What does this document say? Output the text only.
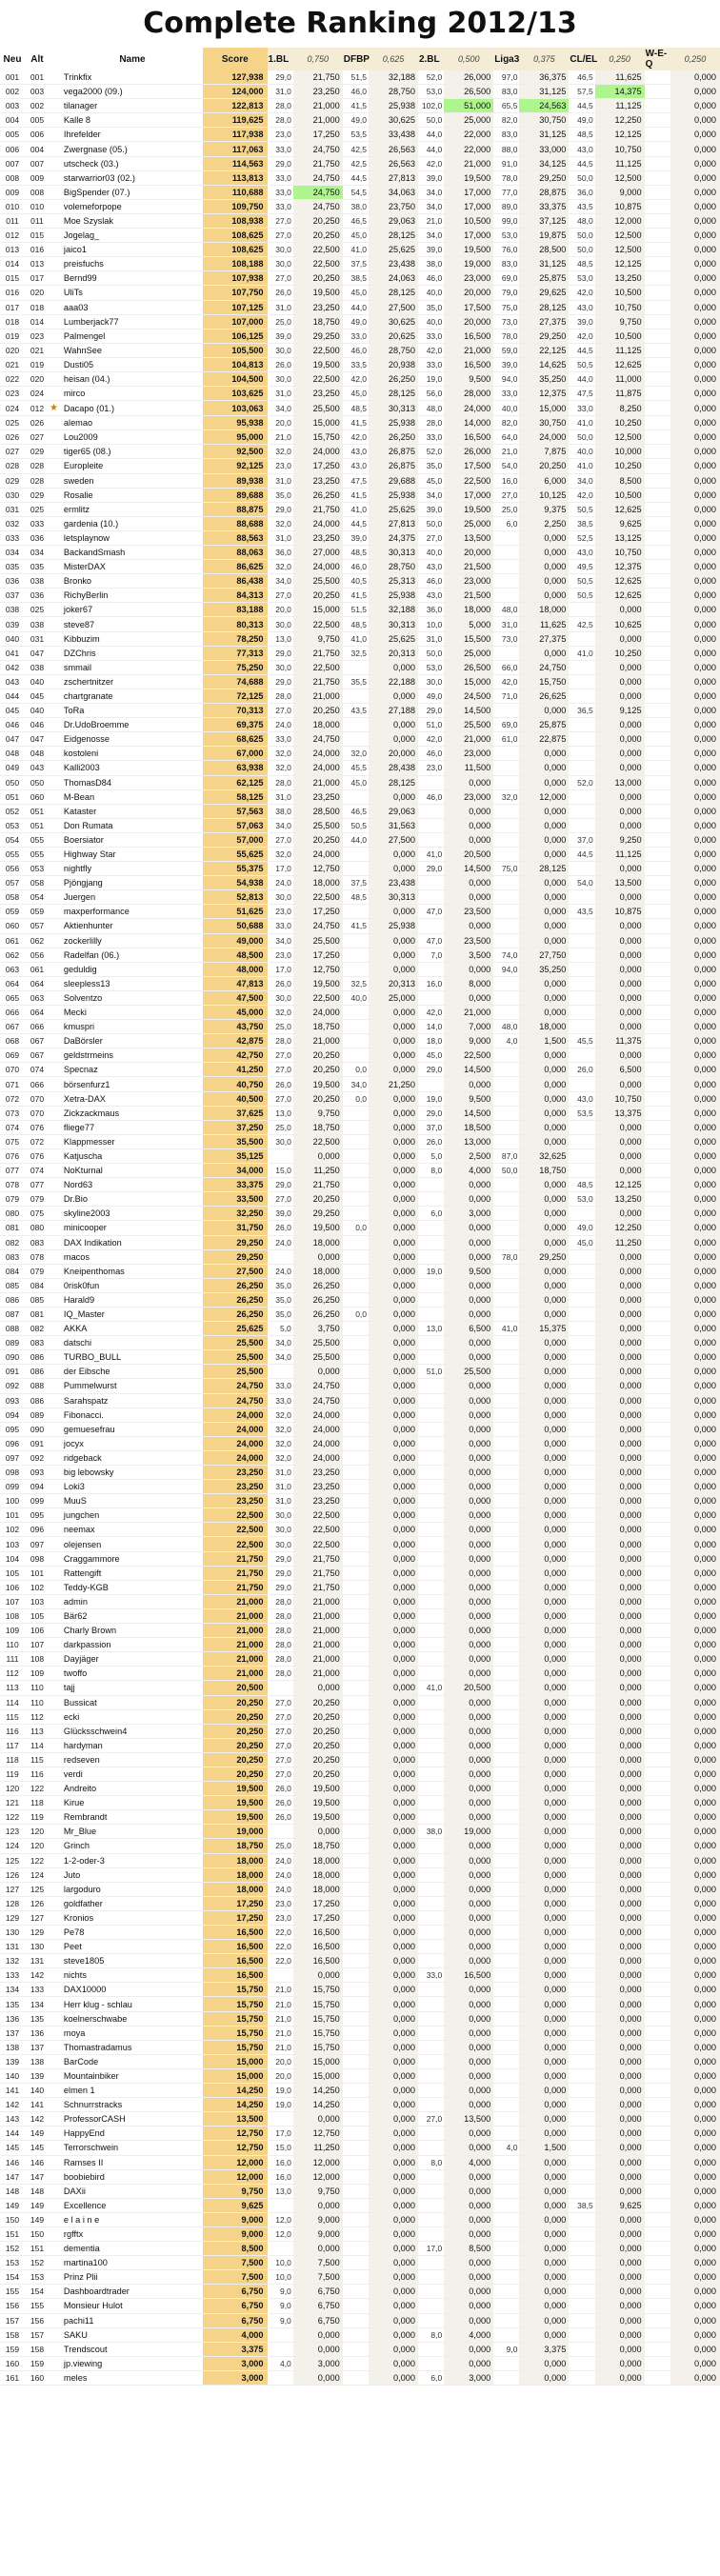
Complete Ranking 2012/13
Neu	Alt		Name	Score	1.BL	0,750	DFBP	0,625	2.BL	0,500	Liga3	0,375	CL/EL	0,250	W-E-Q	0,250
001	001		Trinkfix	127,938	29,0	21,750	51,5	32,188	52,0	26,000	97,0	36,375	46,5	11,625		0,000
002	003		vega2000 (09.)	124,000	31,0	23,250	46,0	28,750	53,0	26,500	83,0	31,125	57,5	14,375		0,000
003	002		tilanager	122,813	28,0	21,000	41,5	25,938	102,0	51,000	65,5	24,563	44,5	11,125		0,000
004	005		Kalle 8	119,625	28,0	21,000	49,0	30,625	50,0	25,000	82,0	30,750	49,0	12,250		0,000
005	006		Ihrefelder	117,938	23,0	17,250	53,5	33,438	44,0	22,000	83,0	31,125	48,5	12,125		0,000
006	004		Zwergnase (05.)	117,063	33,0	24,750	42,5	26,563	44,0	22,000	88,0	33,000	43,0	10,750		0,000
007	007		utscheck (03.)	114,563	29,0	21,750	42,5	26,563	42,0	21,000	91,0	34,125	44,5	11,125		0,000
008	009		starwarrior03 (02.)	113,813	33,0	24,750	44,5	27,813	39,0	19,500	78,0	29,250	50,0	12,500		0,000
009	008		BigSpender (07.)	110,688	33,0	24,750	54,5	34,063	34,0	17,000	77,0	28,875	36,0	9,000		0,000
010	010		volemeforpope	109,750	33,0	24,750	38,0	23,750	34,0	17,000	89,0	33,375	43,5	10,875		0,000
011	011		Moe Szyslak	108,938	27,0	20,250	46,5	29,063	21,0	10,500	99,0	37,125	48,0	12,000		0,000
012	015		Jogelag_	108,625	27,0	20,250	45,0	28,125	34,0	17,000	53,0	19,875	50,0	12,500		0,000
013	016		jaico1	108,625	30,0	22,500	41,0	25,625	39,0	19,500	76,0	28,500	50,0	12,500		0,000
014	013		preisfuchs	108,188	30,0	22,500	37,5	23,438	38,0	19,000	83,0	31,125	48,5	12,125		0,000
015	017		Bernd99	107,938	27,0	20,250	38,5	24,063	46,0	23,000	69,0	25,875	53,0	13,250		0,000
016	020		UliTs	107,750	26,0	19,500	45,0	28,125	40,0	20,000	79,0	29,625	42,0	10,500		0,000
017	018		aaa03	107,125	31,0	23,250	44,0	27,500	35,0	17,500	75,0	28,125	43,0	10,750		0,000
018	014		Lumberjack77	107,000	25,0	18,750	49,0	30,625	40,0	20,000	73,0	27,375	39,0	9,750		0,000
019	023		Palmengel	106,125	39,0	29,250	33,0	20,625	33,0	16,500	78,0	29,250	42,0	10,500		0,000
020	021		WahnSee	105,500	30,0	22,500	46,0	28,750	42,0	21,000	59,0	22,125	44,5	11,125		0,000
021	019		Dusti05	104,813	26,0	19,500	33,5	20,938	33,0	16,500	39,0	14,625	50,5	12,625		0,000
022	020		heisan (04.)	104,500	30,0	22,500	42,0	26,250	19,0	9,500	94,0	35,250	44,0	11,000		0,000
023	024		mirco	103,625	31,0	23,250	45,0	28,125	56,0	28,000	33,0	12,375	47,5	11,875		0,000
024	012	★	Dacapo (01.)	103,063	34,0	25,500	48,5	30,313	48,0	24,000	40,0	15,000	33,0	8,250		0,000
025	026		alemao	95,938	20,0	15,000	41,5	25,938	28,0	14,000	82,0	30,750	41,0	10,250		0,000
026	027		Lou2009	95,000	21,0	15,750	42,0	26,250	33,0	16,500	64,0	24,000	50,0	12,500		0,000
027	029		tiger65 (08.)	92,500	32,0	24,000	43,0	26,875	52,0	26,000	21,0	7,875	40,0	10,000		0,000
028	028		Europleite	92,125	23,0	17,250	43,0	26,875	35,0	17,500	54,0	20,250	41,0	10,250		0,000
029	028		sweden	89,938	31,0	23,250	47,5	29,688	45,0	22,500	16,0	6,000	34,0	8,500		0,000
030	029		Rosalie	89,688	35,0	26,250	41,5	25,938	34,0	17,000	27,0	10,125	42,0	10,500		0,000
031	025		ermlitz	88,875	29,0	21,750	41,0	25,625	39,0	19,500	25,0	9,375	50,5	12,625		0,000
032	033		gardenia (10.)	88,688	32,0	24,000	44,5	27,813	50,0	25,000	6,0	2,250	38,5	9,625		0,000
033	036		letsplaynow	88,563	31,0	23,250	39,0	24,375	27,0	13,500		0,000	52,5	13,125		0,000
034	034		BackandSmash	88,063	36,0	27,000	48,5	30,313	40,0	20,000		0,000	43,0	10,750		0,000
035	035		MisterDAX	86,625	32,0	24,000	46,0	28,750	43,0	21,500		0,000	49,5	12,375		0,000
036	038		Bronko	86,438	34,0	25,500	40,5	25,313	46,0	23,000		0,000	50,5	12,625		0,000
037	036		RichyBerlin	84,313	27,0	20,250	41,5	25,938	43,0	21,500		0,000	50,5	12,625		0,000
038	025		joker67	83,188	20,0	15,000	51,5	32,188	36,0	18,000	48,0	18,000		0,000		0,000
039	038		steve87	80,313	30,0	22,500	48,5	30,313	10,0	5,000	31,0	11,625	42,5	10,625		0,000
040	031		Kibbuzim	78,250	13,0	9,750	41,0	25,625	31,0	15,500	73,0	27,375		0,000		0,000
041	047		DZChris	77,313	29,0	21,750	32,5	20,313	50,0	25,000		0,000	41,0	10,250		0,000
042	038		smmail	75,250	30,0	22,500		0,000	53,0	26,500	66,0	24,750		0,000		0,000
043	040		zschertnitzer	74,688	29,0	21,750	35,5	22,188	30,0	15,000	42,0	15,750		0,000		0,000
044	045		chartgranate	72,125	28,0	21,000		0,000	49,0	24,500	71,0	26,625		0,000		0,000
045	040		ToRa	70,313	27,0	20,250	43,5	27,188	29,0	14,500		0,000	36,5	9,125		0,000
046	046		Dr.UdoBroemme	69,375	24,0	18,000		0,000	51,0	25,500	69,0	25,875		0,000		0,000
047	047		Eidgenosse	68,625	33,0	24,750		0,000	42,0	21,000	61,0	22,875		0,000		0,000
048	048		kostoleni	67,000	32,0	24,000	32,0	20,000	46,0	23,000		0,000		0,000		0,000
049	043		Kalli2003	63,938	32,0	24,000	45,5	28,438	23,0	11,500		0,000		0,000		0,000
050	050		ThomasD84	62,125	28,0	21,000	45,0	28,125		0,000		0,000	52,0	13,000		0,000
051	060		M-Bean	58,125	31,0	23,250		0,000	46,0	23,000	32,0	12,000		0,000		0,000
052	051		Kataster	57,563	38,0	28,500	46,5	29,063		0,000		0,000		0,000		0,000
053	051		Don Rumata	57,063	34,0	25,500	50,5	31,563		0,000		0,000		0,000		0,000
054	055		Boersiator	57,000	27,0	20,250	44,0	27,500		0,000		0,000	37,0	9,250		0,000
055	055		Highway Star	55,625	32,0	24,000		0,000	41,0	20,500		0,000	44,5	11,125		0,000
056	053		nightfly	55,375	17,0	12,750		0,000	29,0	14,500	75,0	28,125		0,000		0,000
057	058		Pjöngjang	54,938	24,0	18,000	37,5	23,438		0,000		0,000	54,0	13,500		0,000
058	054		Juergen	52,813	30,0	22,500	48,5	30,313		0,000		0,000		0,000		0,000
059	059		maxperformance	51,625	23,0	17,250		0,000	47,0	23,500		0,000	43,5	10,875		0,000
060	057		Aktienhunter	50,688	33,0	24,750	41,5	25,938		0,000		0,000		0,000		0,000
061	062		zockerlilly	49,000	34,0	25,500		0,000	47,0	23,500		0,000		0,000		0,000
062	056		Radelfan (06.)	48,500	23,0	17,250		0,000	7,0	3,500	74,0	27,750		0,000		0,000
063	061		geduldig	48,000	17,0	12,750		0,000		0,000	94,0	35,250		0,000		0,000
064	064		sleepless13	47,813	26,0	19,500	32,5	20,313	16,0	8,000		0,000		0,000		0,000
065	063		Solventzo	47,500	30,0	22,500	40,0	25,000		0,000		0,000		0,000		0,000
066	064		Mecki	45,000	32,0	24,000		0,000	42,0	21,000		0,000		0,000		0,000
067	066		kmuspri	43,750	25,0	18,750		0,000	14,0	7,000	48,0	18,000		0,000		0,000
068	067		DaBörsler	42,875	28,0	21,000		0,000	18,0	9,000	4,0	1,500	45,5	11,375		0,000
069	067		geldstrmeins	42,750	27,0	20,250		0,000	45,0	22,500		0,000		0,000		0,000
070	074		Specnaz	41,250	27,0	20,250	0,0	0,000	29,0	14,500		0,000	26,0	6,500		0,000
071	066		börsenfurz1	40,750	26,0	19,500	34,0	21,250		0,000		0,000		0,000		0,000
072	070		Xetra-DAX	40,500	27,0	20,250	0,0	0,000	19,0	9,500		0,000	43,0	10,750		0,000
073	070		Zickzackmaus	37,625	13,0	9,750		0,000	29,0	14,500		0,000	53,5	13,375		0,000
074	076		fliege77	37,250	25,0	18,750		0,000	37,0	18,500		0,000		0,000		0,000
075	072		Klappmesser	35,500	30,0	22,500		0,000	26,0	13,000		0,000		0,000		0,000
076	076		Katjuscha	35,125		0,000		0,000	5,0	2,500	87,0	32,625		0,000		0,000
077	074		NoKturnal	34,000	15,0	11,250		0,000	8,0	4,000	50,0	18,750		0,000		0,000
078	077		Nord63	33,375	29,0	21,750		0,000		0,000		0,000	48,5	12,125		0,000
079	079		Dr.Bio	33,500	27,0	20,250		0,000		0,000		0,000	53,0	13,250		0,000
080	075		skyline2003	32,250	39,0	29,250		0,000	6,0	3,000		0,000		0,000		0,000
081	080		minicooper	31,750	26,0	19,500	0,0	0,000		0,000		0,000	49,0	12,250		0,000
082	083		DAX Indikation	29,250	24,0	18,000		0,000		0,000		0,000	45,0	11,250		0,000
083	078		macos	29,250		0,000		0,000		0,000	78,0	29,250		0,000		0,000
084	079		Kneipenthomas	27,500	24,0	18,000		0,000	19,0	9,500		0,000		0,000		0,000
085	084		0risk0fun	26,250	35,0	26,250		0,000		0,000		0,000		0,000		0,000
086	085		Harald9	26,250	35,0	26,250		0,000		0,000		0,000		0,000		0,000
087	081		IQ_Master	26,250	35,0	26,250	0,0	0,000		0,000		0,000		0,000		0,000
088	082		AKKA	25,625	5,0	3,750		0,000	13,0	6,500	41,0	15,375		0,000		0,000
089	083		datschi	25,500	34,0	25,500		0,000		0,000		0,000		0,000		0,000
090	086		TURBO_BULL	25,500	34,0	25,500		0,000		0,000		0,000		0,000		0,000
091	086		der Eibsche	25,500		0,000		0,000	51,0	25,500		0,000		0,000		0,000
092	088		Pummelwurst	24,750	33,0	24,750		0,000		0,000		0,000		0,000		0,000
093	086		Sarahspatz	24,750	33,0	24,750		0,000		0,000		0,000		0,000		0,000
094	089		Fibonacci.	24,000	32,0	24,000		0,000		0,000		0,000		0,000		0,000
095	090		gemuesefrau	24,000	32,0	24,000		0,000		0,000		0,000		0,000		0,000
096	091		jocyx	24,000	32,0	24,000		0,000		0,000		0,000		0,000		0,000
097	092		ridgeback	24,000	32,0	24,000		0,000		0,000		0,000		0,000		0,000
098	093		big lebowsky	23,250	31,0	23,250		0,000		0,000		0,000		0,000		0,000
099	094		Loki3	23,250	31,0	23,250		0,000		0,000		0,000		0,000		0,000
100	099		MuuS	23,250	31,0	23,250		0,000		0,000		0,000		0,000		0,000
101	095		jungchen	22,500	30,0	22,500		0,000		0,000		0,000		0,000		0,000
102	096		neemax	22,500	30,0	22,500		0,000		0,000		0,000		0,000		0,000
103	097		olejensen	22,500	30,0	22,500		0,000		0,000		0,000		0,000		0,000
104	098		Craggammore	21,750	29,0	21,750		0,000		0,000		0,000		0,000		0,000
105	101		Rattengift	21,750	29,0	21,750		0,000		0,000		0,000		0,000		0,000
106	102		Teddy-KGB	21,750	29,0	21,750		0,000		0,000		0,000		0,000		0,000
107	103		admin	21,000	28,0	21,000		0,000		0,000		0,000		0,000		0,000
108	105		Bär62	21,000	28,0	21,000		0,000		0,000		0,000		0,000		0,000
109	106		Charly Brown	21,000	28,0	21,000		0,000		0,000		0,000		0,000		0,000
110	107		darkpassion	21,000	28,0	21,000		0,000		0,000		0,000		0,000		0,000
111	108		Dayjäger	21,000	28,0	21,000		0,000		0,000		0,000		0,000		0,000
112	109		twoffo	21,000	28,0	21,000		0,000		0,000		0,000		0,000		0,000
113	110		tajj	20,500		0,000		0,000	41,0	20,500		0,000		0,000		0,000
114	110		Bussicat	20,250	27,0	20,250		0,000		0,000		0,000		0,000		0,000
115	112		ecki	20,250	27,0	20,250		0,000		0,000		0,000		0,000		0,000
116	113		Glücksschwein4	20,250	27,0	20,250		0,000		0,000		0,000		0,000		0,000
117	114		hardyman	20,250	27,0	20,250		0,000		0,000		0,000		0,000		0,000
118	115		redseven	20,250	27,0	20,250		0,000		0,000		0,000		0,000		0,000
119	116		verdi	20,250	27,0	20,250		0,000		0,000		0,000		0,000		0,000
120	122		Andreito	19,500	26,0	19,500		0,000		0,000		0,000		0,000		0,000
121	118		Kirue	19,500	26,0	19,500		0,000		0,000		0,000		0,000		0,000
122	119		Rembrandt	19,500	26,0	19,500		0,000		0,000		0,000		0,000		0,000
123	120		Mr_Blue	19,000		0,000		0,000	38,0	19,000		0,000		0,000		0,000
124	120		Grinch	18,750	25,0	18,750		0,000		0,000		0,000		0,000		0,000
125	122		1-2-oder-3	18,000	24,0	18,000		0,000		0,000		0,000		0,000		0,000
126	124		Juto	18,000	24,0	18,000		0,000		0,000		0,000		0,000		0,000
127	125		largoduro	18,000	24,0	18,000		0,000		0,000		0,000		0,000		0,000
128	126		goldfather	17,250	23,0	17,250		0,000		0,000		0,000		0,000		0,000
129	127		Kronios	17,250	23,0	17,250		0,000		0,000		0,000		0,000		0,000
130	129		Pe78	16,500	22,0	16,500		0,000		0,000		0,000		0,000		0,000
131	130		Peet	16,500	22,0	16,500		0,000		0,000		0,000		0,000		0,000
132	131		steve1805	16,500	22,0	16,500		0,000		0,000		0,000		0,000		0,000
133	142		nichts	16,500		0,000		0,000	33,0	16,500		0,000		0,000		0,000
134	133		DAX10000	15,750	21,0	15,750		0,000		0,000		0,000		0,000		0,000
135	134		Herr klug - schlau	15,750	21,0	15,750		0,000		0,000		0,000		0,000		0,000
136	135		koelnerschwabe	15,750	21,0	15,750		0,000		0,000		0,000		0,000		0,000
137	136		moya	15,750	21,0	15,750		0,000		0,000		0,000		0,000		0,000
138	137		Thomastradamus	15,750	21,0	15,750		0,000		0,000		0,000		0,000		0,000
139	138		BarCode	15,000	20,0	15,000		0,000		0,000		0,000		0,000		0,000
140	139		Mountainbiker	15,000	20,0	15,000		0,000		0,000		0,000		0,000		0,000
141	140		elmen 1	14,250	19,0	14,250		0,000		0,000		0,000		0,000		0,000
142	141		Schnurrstracks	14,250	19,0	14,250		0,000		0,000		0,000		0,000		0,000
143	142		ProfessorCASH	13,500		0,000		0,000	27,0	13,500		0,000		0,000		0,000
144	149		HappyEnd	12,750	17,0	12,750		0,000		0,000		0,000		0,000		0,000
145	145		Terrorschwein	12,750	15,0	11,250		0,000		0,000	4,0	1,500		0,000		0,000
146	146		Ramses II	12,000	16,0	12,000		0,000	8,0	4,000		0,000		0,000		0,000
147	147		boobiebird	12,000	16,0	12,000		0,000		0,000		0,000		0,000		0,000
148	148		DAXii	9,750	13,0	9,750		0,000		0,000		0,000		0,000		0,000
149	149		Excellence	9,625		0,000		0,000		0,000		0,000	38,5	9,625		0,000
150	149		e l a i n e	9,000	12,0	9,000		0,000		0,000		0,000		0,000		0,000
151	150		rgfftx	9,000	12,0	9,000		0,000		0,000		0,000		0,000		0,000
152	151		dementia	8,500		0,000		0,000	17,0	8,500		0,000		0,000		0,000
153	152		martina100	7,500	10,0	7,500		0,000		0,000		0,000		0,000		0,000
154	153		Prinz Plii	7,500	10,0	7,500		0,000		0,000		0,000		0,000		0,000
155	154		Dashboardtrader	6,750	9,0	6,750		0,000		0,000		0,000		0,000		0,000
156	155		Monsieur Hulot	6,750	9,0	6,750		0,000		0,000		0,000		0,000		0,000
157	156		pachi11	6,750	9,0	6,750		0,000		0,000		0,000		0,000		0,000
158	157		SAKU	4,000		0,000		0,000	8,0	4,000		0,000		0,000		0,000
159	158		Trendscout	3,375		0,000		0,000		0,000	9,0	3,375		0,000		0,000
160	159		jp.viewing	3,000	4,0	3,000		0,000		0,000		0,000		0,000		0,000
161	160		meles	3,000		0,000		0,000	6,0	3,000		0,000		0,000		0,000
